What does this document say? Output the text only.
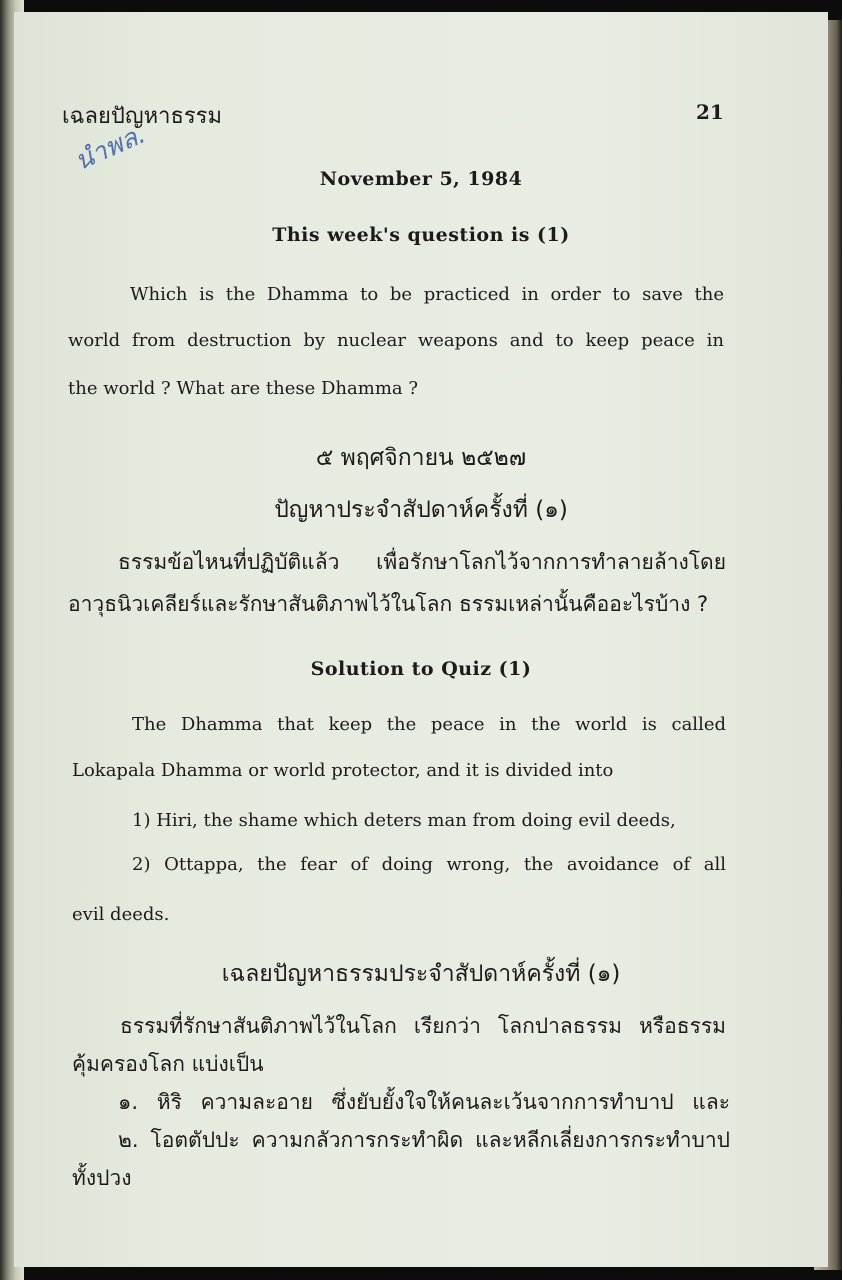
เฉลยปัญหาธรรม	21
นำพล.
November 5, 1984
This week's question is (1)
Which is the Dhamma to be practiced in order to save the
world from destruction by nuclear weapons and to keep peace in
the world ? What are these Dhamma ?
๕ พฤศจิกายน ๒๕๒๗
ปัญหาประจำสัปดาห์ครั้งที่ (๑)
ธรรมข้อไหนที่ปฏิบัติแล้ว เพื่อรักษาโลกไว้จากการทำลายล้างโดย
อาวุธนิวเคลียร์และรักษาสันติภาพไว้ในโลก ธรรมเหล่านั้นคืออะไรบ้าง ?
Solution to Quiz (1)
The Dhamma that keep the peace in the world is called
Lokapala Dhamma or world protector, and it is divided into
1) Hiri, the shame which deters man from doing evil deeds,
2) Ottappa, the fear of doing wrong, the avoidance of all
evil deeds.
เฉลยปัญหาธรรมประจำสัปดาห์ครั้งที่ (๑)
ธรรมที่รักษาสันติภาพไว้ในโลก เรียกว่า โลกปาลธรรม หรือธรรม
คุ้มครองโลก แบ่งเป็น
๑. หิริ ความละอาย ซึ่งยับยั้งใจให้คนละเว้นจากการทำบาป และ
๒. โอตตัปปะ ความกลัวการกระทำผิด และหลีกเลี่ยงการกระทำบาป
ทั้งปวง
